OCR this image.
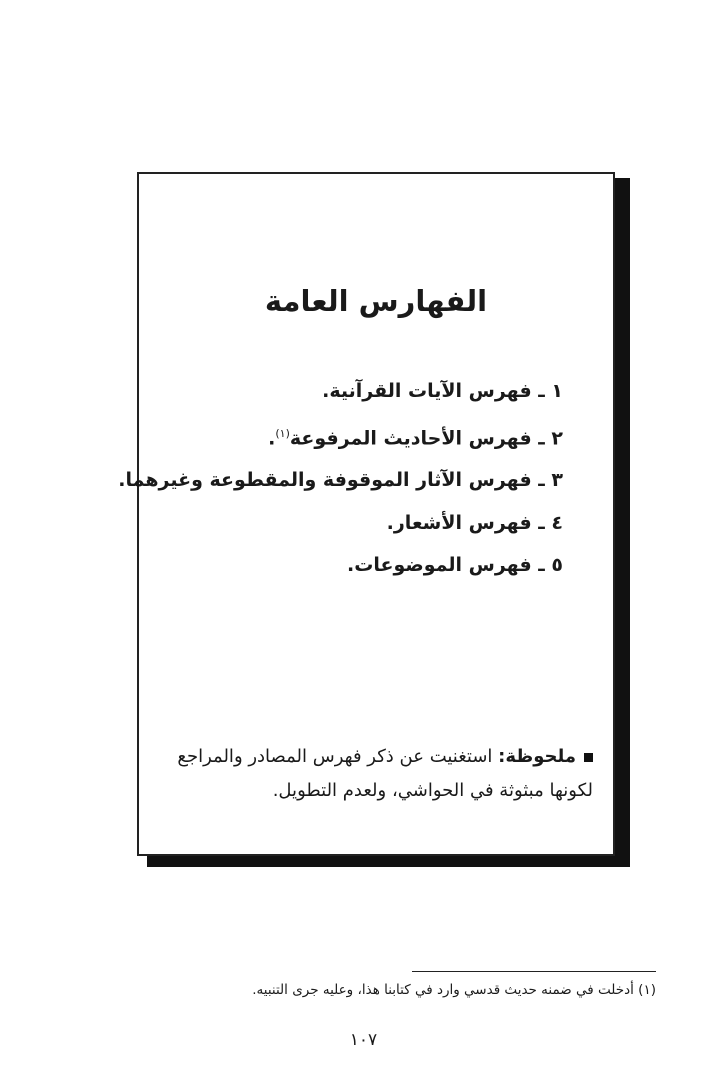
الفهارس العامة
١ ـ فهرس الآيات القرآنية.
٢ ـ فهرس الأحاديث المرفوعة$^{(١)}$.
٣ ـ فهرس الآثار الموقوفة والمقطوعة وغيرهما.
٤ ـ فهرس الأشعار.
٥ ـ فهرس الموضوعات.
ملحوظة: استغنيت عن ذكر فهرس المصادر والمراجع لكونها مبثوثة في الحواشي، ولعدم التطويل.
(١) أدخلت في ضمنه حديث قدسي وارد في كتابنا هذا، وعليه جرى التنبيه.
١٠٧
